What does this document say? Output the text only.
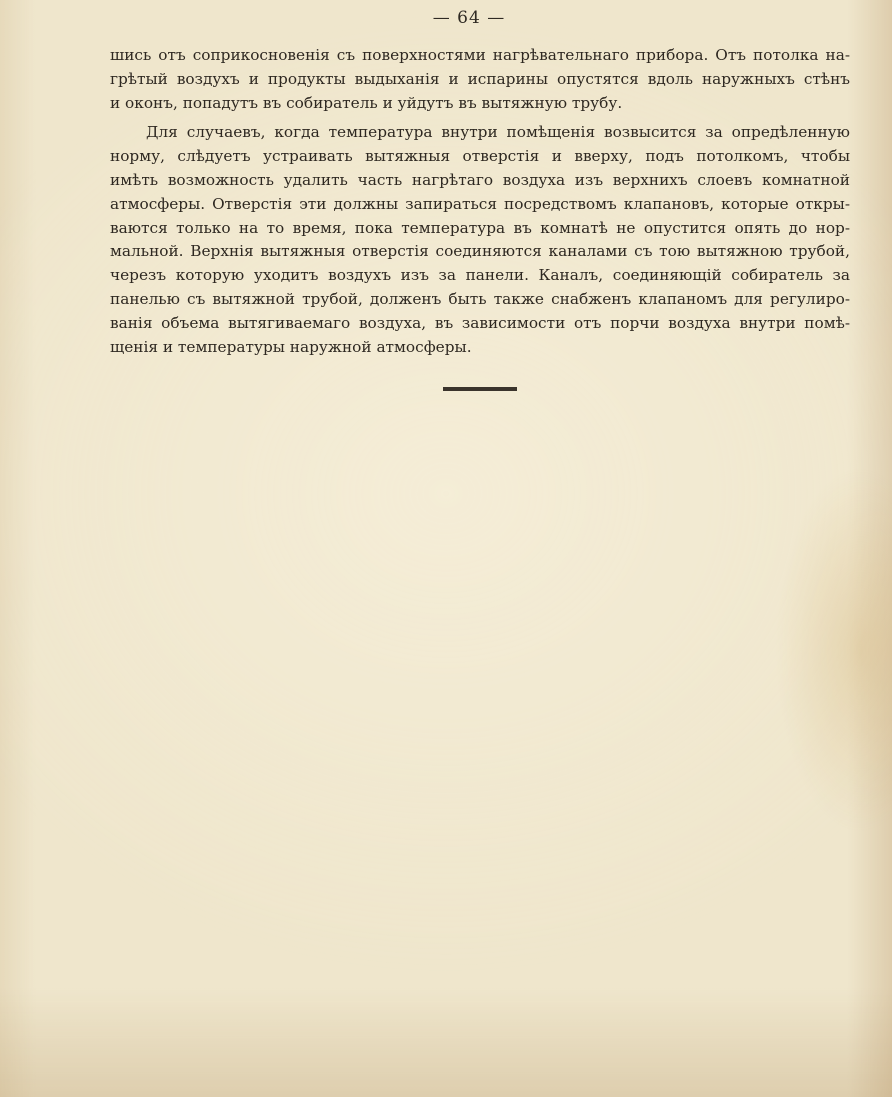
— 64 —

шись отъ соприкосновенія съ поверхностями нагрѣвательнаго прибора. Отъ потолка на-
грѣтый воздухъ и продукты выдыханія и испарины опустятся вдоль наружныхъ стѣнъ
и оконъ, попадутъ въ собиратель и уйдутъ въ вытяжную трубу.

Для случаевъ, когда температура внутри помѣщенія возвысится за опредѣленную
норму, слѣдуетъ устраивать вытяжныя отверстія и вверху, подъ потолкомъ, чтобы
имѣть возможность удалить часть нагрѣтаго воздуха изъ верхнихъ слоевъ комнатной
атмосферы. Отверстія эти должны запираться посредствомъ клапановъ, которые откры-
ваются только на то время, пока температура въ комнатѣ не опустится опять до нор-
мальной. Верхнія вытяжныя отверстія соединяются каналами съ тою вытяжною трубой,
черезъ которую уходитъ воздухъ изъ за панели. Каналъ, соединяющій собиратель за
панелью съ вытяжной трубой, долженъ быть также снабженъ клапаномъ для регулиро-
ванія объема вытягиваемаго воздуха, въ зависимости отъ порчи воздуха внутри помѣ-
щенія и температуры наружной атмосферы.
